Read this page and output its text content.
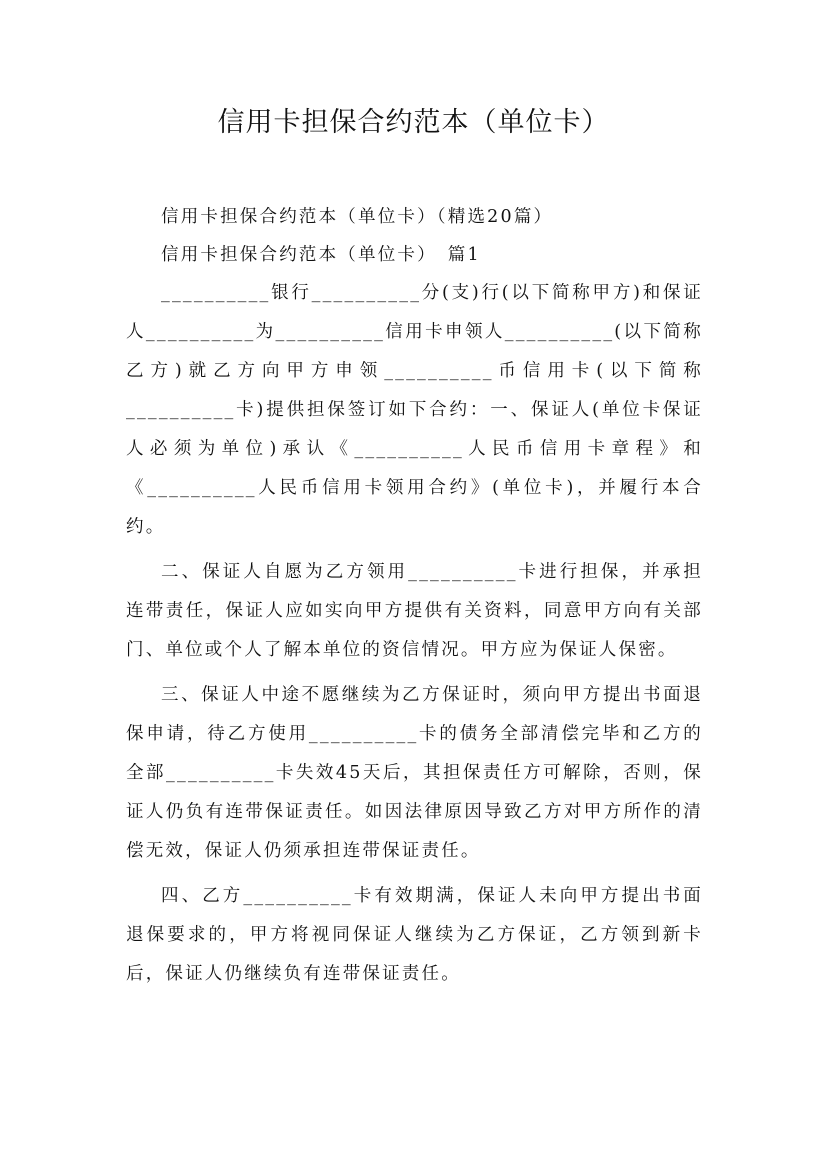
信用卡担保合约范本（单位卡）
信用卡担保合约范本（单位卡）（精选20篇）
信用卡担保合约范本（单位卡）　篇1

__________银行__________分(支)行(以下简称甲方)和保证人__________为__________信用卡申领人__________(以下简称乙方)就乙方向甲方申领__________币信用卡(以下简称__________卡)提供担保签订如下合约：一、保证人(单位卡保证人必须为单位)承认《__________人民币信用卡章程》和《__________人民币信用卡领用合约》(单位卡)，并履行本合约。

二、保证人自愿为乙方领用__________卡进行担保，并承担连带责任，保证人应如实向甲方提供有关资料，同意甲方向有关部门、单位或个人了解本单位的资信情况。甲方应为保证人保密。

三、保证人中途不愿继续为乙方保证时，须向甲方提出书面退保申请，待乙方使用__________卡的债务全部清偿完毕和乙方的全部__________卡失效45天后，其担保责任方可解除，否则，保证人仍负有连带保证责任。如因法律原因导致乙方对甲方所作的清偿无效，保证人仍须承担连带保证责任。

四、乙方__________卡有效期满，保证人未向甲方提出书面退保要求的，甲方将视同保证人继续为乙方保证，乙方领到新卡后，保证人仍继续负有连带保证责任。
